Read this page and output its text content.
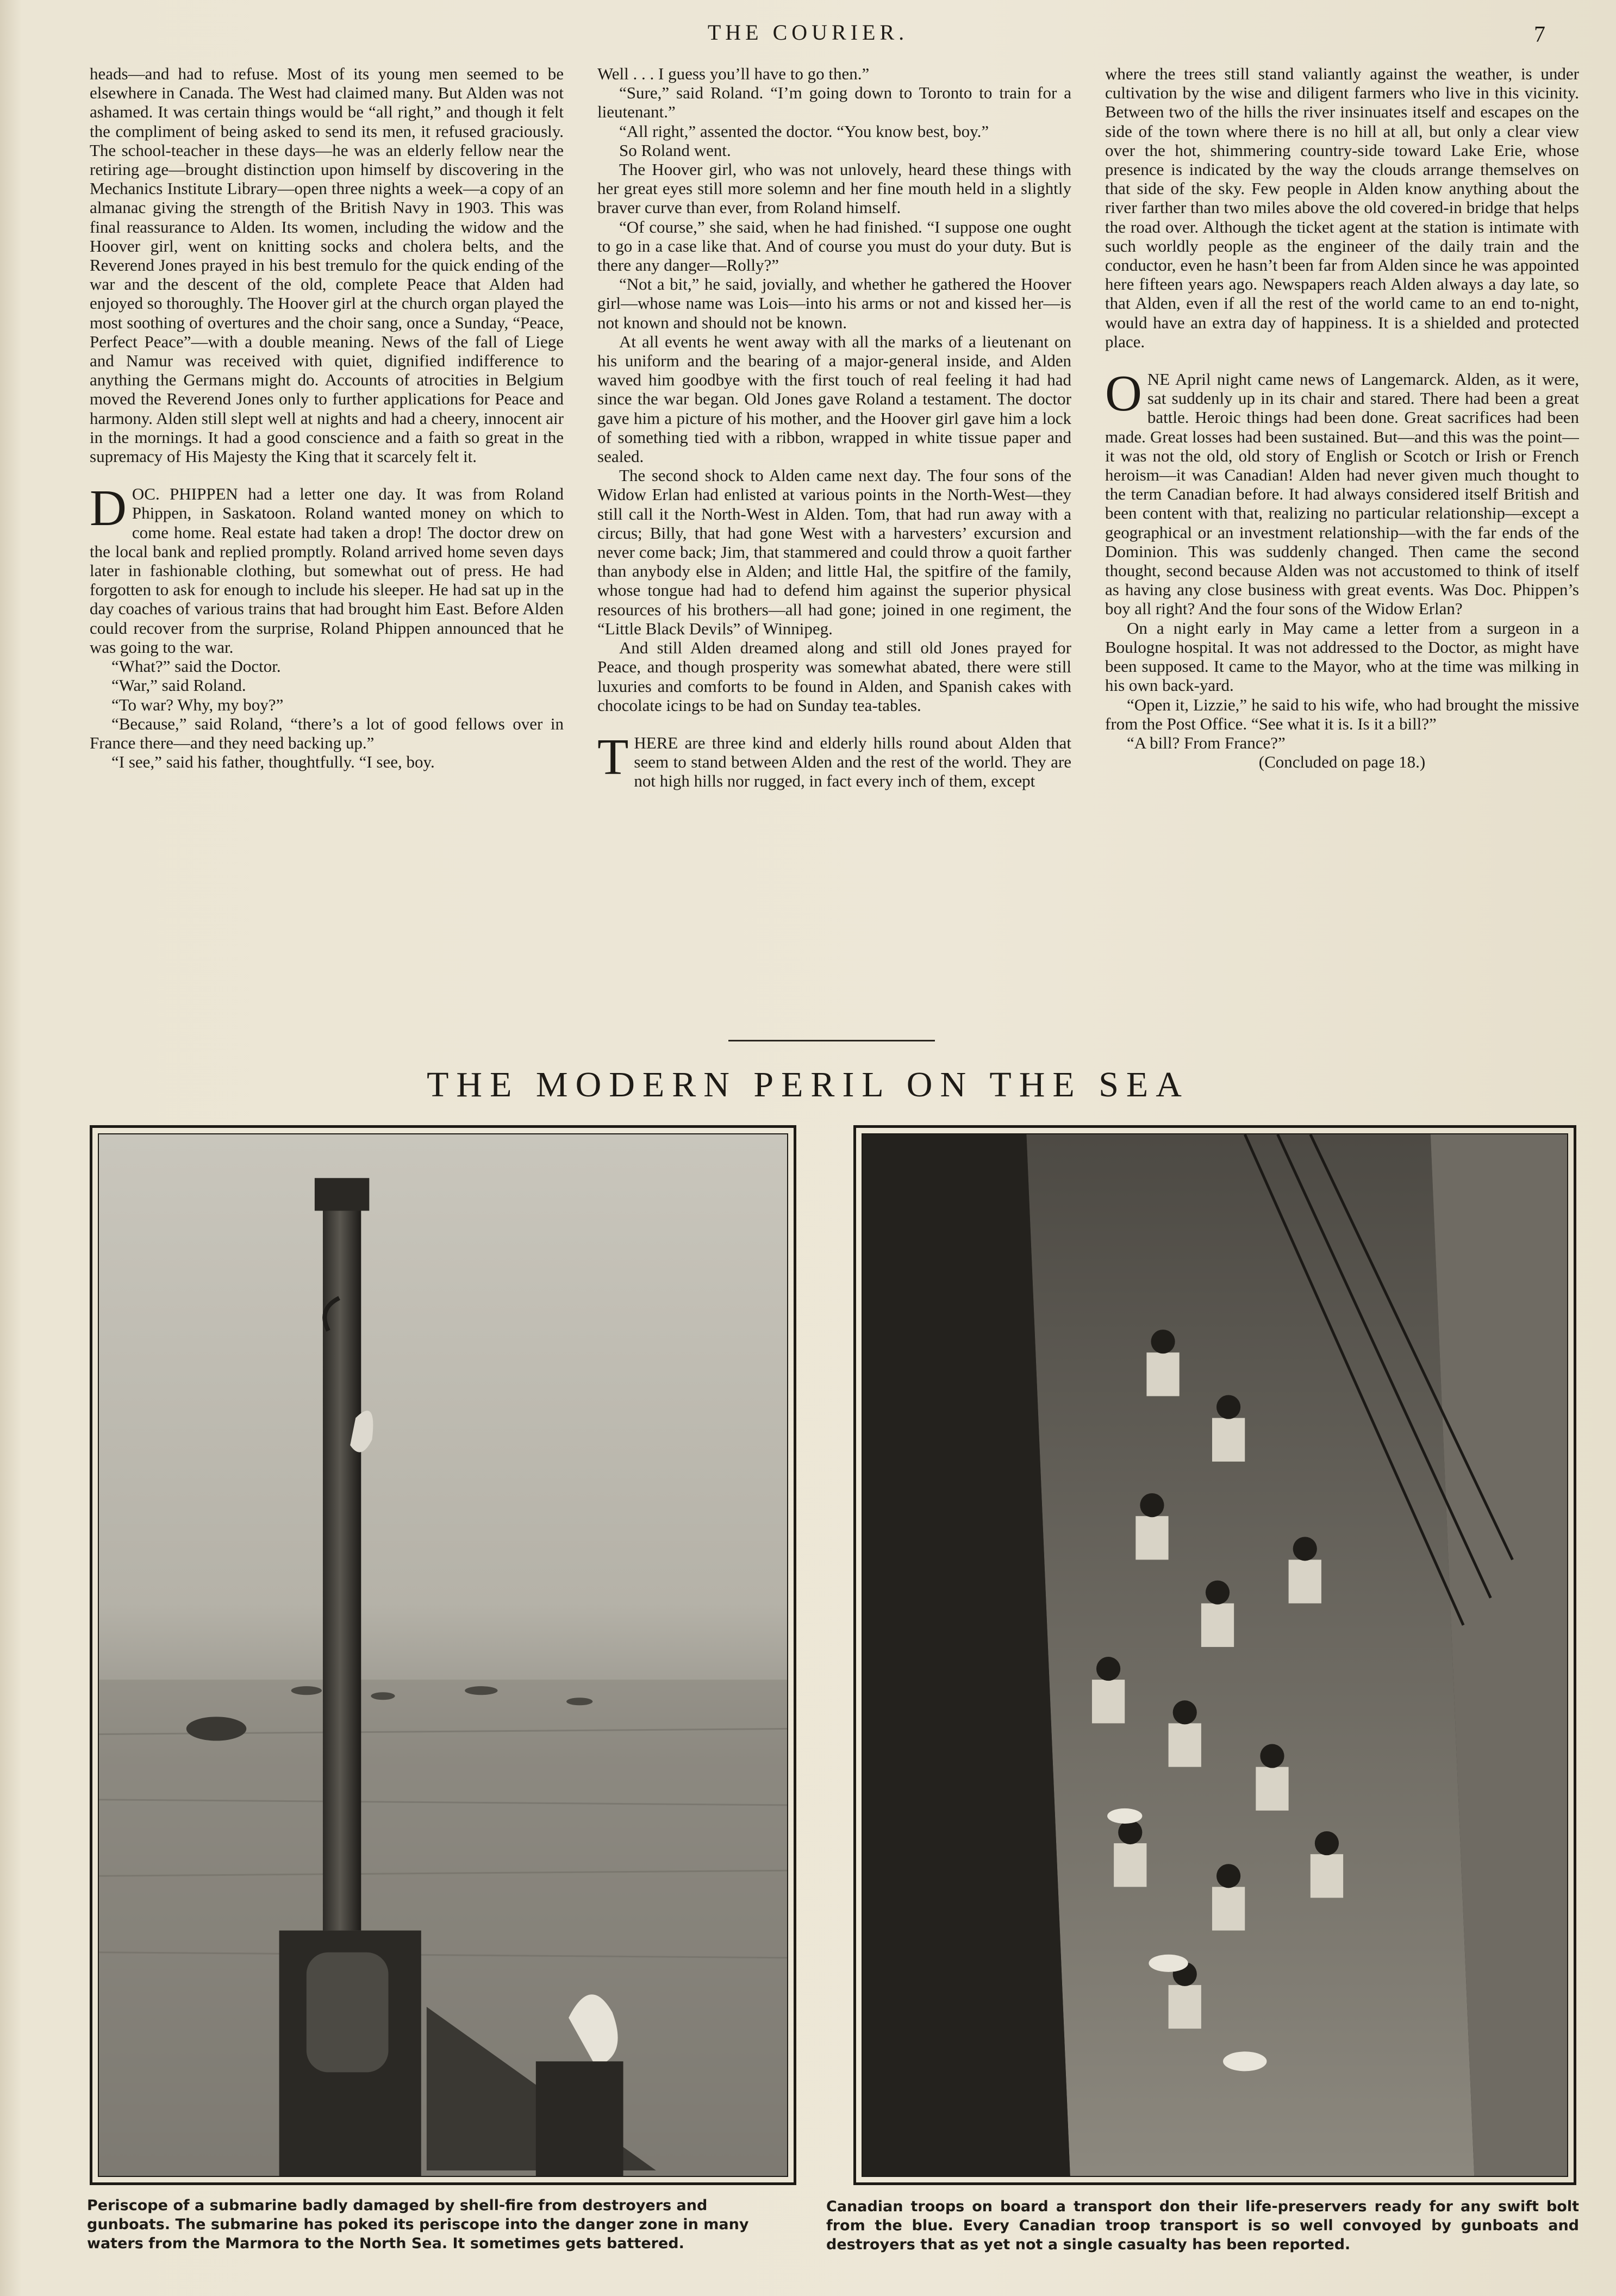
THE COURIER.	7

heads—and had to refuse. Most of its young men seemed to be elsewhere in Canada. The West had claimed many. But Alden was not ashamed. It was certain things would be “all right,” and though it felt the compliment of being asked to send its men, it refused graciously. The school-teacher in these days—he was an elderly fellow near the retiring age—brought distinction upon himself by discovering in the Mechanics Institute Library—open three nights a week—a copy of an almanac giving the strength of the British Navy in 1903. This was final reassurance to Alden. Its women, including the widow and the Hoover girl, went on knitting socks and cholera belts, and the Reverend Jones prayed in his best tremulo for the quick ending of the war and the descent of the old, complete Peace that Alden had enjoyed so thoroughly. The Hoover girl at the church organ played the most soothing of overtures and the choir sang, once a Sunday, “Peace, Perfect Peace”—with a double meaning. News of the fall of Liege and Namur was received with quiet, dignified indifference to anything the Germans might do. Accounts of atrocities in Belgium moved the Reverend Jones only to further applications for Peace and harmony. Alden still slept well at nights and had a cheery, innocent air in the mornings. It had a good conscience and a faith so great in the supremacy of His Majesty the King that it scarcely felt it.

DOC. PHIPPEN had a letter one day. It was from Roland Phippen, in Saskatoon. Roland wanted money on which to come home. Real estate had taken a drop! The doctor drew on the local bank and replied promptly. Roland arrived home seven days later in fashionable clothing, but somewhat out of press. He had forgotten to ask for enough to include his sleeper. He had sat up in the day coaches of various trains that had brought him East. Before Alden could recover from the surprise, Roland Phippen announced that he was going to the war.

“What?” said the Doctor.

“War,” said Roland.

“To war? Why, my boy?”

“Because,” said Roland, “there’s a lot of good fellows over in France there—and they need backing up.”

“I see,” said his father, thoughtfully. “I see, boy.

Well . . . I guess you’ll have to go then.”

“Sure,” said Roland. “I’m going down to Toronto to train for a lieutenant.”

“All right,” assented the doctor. “You know best, boy.”

So Roland went.

The Hoover girl, who was not unlovely, heard these things with her great eyes still more solemn and her fine mouth held in a slightly braver curve than ever, from Roland himself.

“Of course,” she said, when he had finished. “I suppose one ought to go in a case like that. And of course you must do your duty. But is there any danger—Rolly?”

“Not a bit,” he said, jovially, and whether he gathered the Hoover girl—whose name was Lois—into his arms or not and kissed her—is not known and should not be known.

At all events he went away with all the marks of a lieutenant on his uniform and the bearing of a major-general inside, and Alden waved him goodbye with the first touch of real feeling it had had since the war began. Old Jones gave Roland a testament. The doctor gave him a picture of his mother, and the Hoover girl gave him a lock of something tied with a ribbon, wrapped in white tissue paper and sealed.

The second shock to Alden came next day. The four sons of the Widow Erlan had enlisted at various points in the North-West—they still call it the North-West in Alden. Tom, that had run away with a circus; Billy, that had gone West with a harvesters’ excursion and never come back; Jim, that stammered and could throw a quoit farther than anybody else in Alden; and little Hal, the spitfire of the family, whose tongue had had to defend him against the superior physical resources of his brothers—all had gone; joined in one regiment, the “Little Black Devils” of Winnipeg.

And still Alden dreamed along and still old Jones prayed for Peace, and though prosperity was somewhat abated, there were still luxuries and comforts to be found in Alden, and Spanish cakes with chocolate icings to be had on Sunday tea-tables.

THERE are three kind and elderly hills round about Alden that seem to stand between Alden and the rest of the world. They are not high hills nor rugged, in fact every inch of them, except

where the trees still stand valiantly against the weather, is under cultivation by the wise and diligent farmers who live in this vicinity. Between two of the hills the river insinuates itself and escapes on the side of the town where there is no hill at all, but only a clear view over the hot, shimmering country-side toward Lake Erie, whose presence is indicated by the way the clouds arrange themselves on that side of the sky. Few people in Alden know anything about the river farther than two miles above the old covered-in bridge that helps the road over. Although the ticket agent at the station is intimate with such worldly people as the engineer of the daily train and the conductor, even he hasn’t been far from Alden since he was appointed here fifteen years ago. Newspapers reach Alden always a day late, so that Alden, even if all the rest of the world came to an end to-night, would have an extra day of happiness. It is a shielded and protected place.

ONE April night came news of Langemarck. Alden, as it were, sat suddenly up in its chair and stared. There had been a great battle. Heroic things had been done. Great sacrifices had been made. Great losses had been sustained. But—and this was the point—it was not the old, old story of English or Scotch or Irish or French heroism—it was Canadian! Alden had never given much thought to the term Canadian before. It had always considered itself British and been content with that, realizing no particular relationship—except a geographical or an investment relationship—with the far ends of the Dominion. This was suddenly changed. Then came the second thought, second because Alden was not accustomed to think of itself as having any close business with great events. Was Doc. Phippen’s boy all right? And the four sons of the Widow Erlan?

On a night early in May came a letter from a surgeon in a Boulogne hospital. It was not addressed to the Doctor, as might have been supposed. It came to the Mayor, who at the time was milking in his own back-yard.

“Open it, Lizzie,” he said to his wife, who had brought the missive from the Post Office. “See what it is. Is it a bill?”

“A bill? From France?”

(Concluded on page 18.)

THE MODERN PERIL ON THE SEA
Periscope of a submarine badly damaged by shell-fire from destroyers and gunboats. The submarine has poked its periscope into the danger zone in many waters from the Marmora to the North Sea. It sometimes gets battered.
Canadian troops on board a transport don their life-preservers ready for any swift bolt from the blue. Every Canadian troop transport is so well convoyed by gunboats and destroyers that as yet not a single casualty has been reported.
